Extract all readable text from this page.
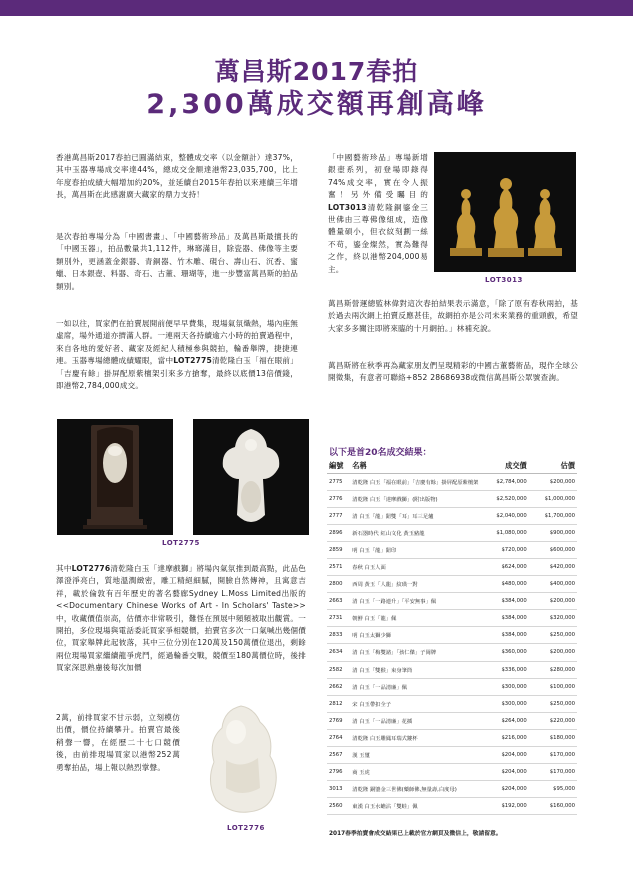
萬昌斯2017春拍
2,300萬成交額再創高峰
香港萬昌斯2017春拍已圓滿結束，整體成交率（以金額計）達37%，其中玉器專場成交率達44%，總成交金額達港幣23,035,700，比上年度春拍成績大幅增加約20%，並延續自2015年春拍以來連續三年增長，萬昌斯在此感謝廣大藏家的鼎力支持！
是次春拍專場分為「中國書畫」、「中國藝術珍品」及萬昌斯最擅長的「中國玉器」，拍品數量共1,112件，琳瑯滿目，除瓷器、佛像等主要類別外，更涵蓋金銀器、青銅器、竹木雕、硯台、壽山石、沉香、蜜蠟、日本銀壺、料器、奇石、古董、珊瑚等，進一步豐富萬昌斯的拍品類別。
一如以往，買家們在拍賣展開前便早早費集，現場氣氛熾熱，場內座無虛席，場外通道亦擠滿人群。一連兩天各持續逾六小時的拍賣過程中，來自各地的愛好者、藏家及經紀人積極參與競拍，輪番舉牌，捷捷連連。玉器專場總體成績耀眼，當中LOT2775清乾隆白玉「福在眼前」「吉慶有餘」掛屏配原紫檀架引來多方搶奪，最終以底價13倍價錢，即港幣2,784,000成交。
LOT2775
其中LOT2776清乾隆白玉「達摩戲獅」將場內氣氛推到最高點，此品色澤澄淨亮白，質地溫潤緻密，雕工精絕細膩，開臉自然傳神，且寓意吉祥，載於倫敦有百年歷史的著名藝廊Sydney L.Moss Limited出版的<<Documentary Chinese Works of Art - In Scholars' Taste>>中，收藏價值崇高，估價亦非常吸引，難怪在預展中頻頻被取出觀賞。一開拍，多位現場與電話委託買家爭相競價，拍賣官多次一口氣喊出幾個價位，買家舉牌此起彼落，其中三位分別在120萬及150萬價位退出，剩餘兩位現場買家繼續龍爭虎鬥，經過輪番交戰，競價至180萬價位時，後排買家深思熟慮後每次加價
2萬，前排買家不甘示弱，立刻模仿出價，價位持續攀升。拍賣官最後稍聲一響，在經歷二十七口競價後，由前排現場買家以港幣252萬勇奪拍品，場上報以熱烈掌聲。
LOT2776
「中國藝術珍品」專場新增銀壺系列，初登場即錄得74%成交率，實在令人振奮！另外備受矚目的LOT3013清乾隆銅鎏金三世佛由三尊佛像組成，造像體量碩小，但衣紋刻劃一絲不苟，鎏金燦然，實為難得之作，終以港幣204,000易主。
LOT3013
萬昌斯營運總監林偉對這次春拍結果表示滿意，「除了原有春秋兩拍，基於過去兩次網上拍賣反應甚佳，故網拍亦是公司未來業務的重頭戲，希望大家多多關注即將來臨的十月網拍。」林補充說。
萬昌斯將在秋季再為藏家朋友們呈現精彩的中國古董藝術品，現作全球公開徵集，有意者可聯絡+852 28686938或微信萬昌斯公眾號查詢。
以下是首20名成交結果：
編號	名稱	成交價	估價
2775	清乾隆 白玉「福在眼前」「吉慶有餘」掛屏配原紫檀架	$2,784,000	$200,000
2776	清乾隆 白玉「達摩戲獅」(附出版物)	$2,520,000	$1,000,000
2777	清 白玉「龍」鈕雙「耳」耳三足爐	$2,040,000	$1,700,000
2896	新石器時代 紅山文化 黃玉豬龍	$1,080,000	$900,000
2859	明 白玉「龍」鈕印	$720,000	$600,000
2571	春秋 白玉人面	$624,000	$420,000
2800	西周 黃玉「人龍」紋璜一對	$480,000	$400,000
2663	清 白玉「一路連升」「平安無事」佩	$384,000	$200,000
2731	朝鮮 白玉「龍」佩	$384,000	$320,000
2833	明 白玉太獅少獅	$384,000	$250,000
2634	清 白玉「梅雙諸」「孩仁傑」子岡牌	$360,000	$200,000
2582	清 白玉「雙猴」束身筆筒	$336,000	$280,000
2662	清 白玉「一品清廉」佩	$300,000	$100,000
2812	宋 白玉帶扣全子	$300,000	$250,000
2769	清 白玉「一品清廉」花插	$264,000	$220,000
2764	清乾隆 白玉雕鳳耳瑞式鏤杯	$216,000	$180,000
2567	漢 玉璽	$204,000	$170,000
2796	商 玉虎	$204,000	$170,000
3013	清乾隆 銅鎏金三世佛(藥師佛,無量壽,白度母)	$204,000	$95,000
2560	東漢 白玉水蟾沾「雙蛙」佩	$192,000	$160,000
2017春季拍賣會成交結果已上載於官方網頁及微信上，敬請留意。
